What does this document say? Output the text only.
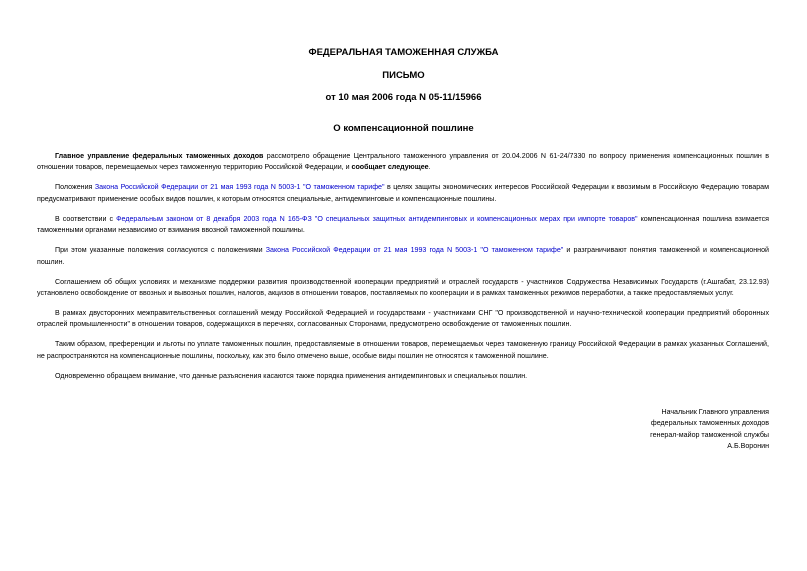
ФЕДЕРАЛЬНАЯ ТАМОЖЕННАЯ СЛУЖБА
ПИСЬМО
от 10 мая 2006 года N 05-11/15966
О компенсационной пошлине

Главное управление федеральных таможенных доходов рассмотрело обращение Центрального таможенного управления от 20.04.2006 N 61-24/7330 по вопросу применения компенсационных пошлин в отношении товаров, перемещаемых через таможенную территорию Российской Федерации, и сообщает следующее.

Положения Закона Российской Федерации от 21 мая 1993 года N 5003-1 "О таможенном тарифе" в целях защиты экономических интересов Российской Федерации к ввозимым в Российскую Федерацию товарам предусматривают применение особых видов пошлин, к которым относятся специальные, антидемпинговые и компенсационные пошлины.

В соответствии с Федеральным законом от 8 декабря 2003 года N 165-ФЗ "О специальных защитных антидемпинговых и компенсационных мерах при импорте товаров" компенсационная пошлина взимается таможенными органами независимо от взимания ввозной таможенной пошлины.

При этом указанные положения согласуются с положениями Закона Российской Федерации от 21 мая 1993 года N 5003-1 "О таможенном тарифе" и разграничивают понятия таможенной и компенсационной пошлин.

Соглашением об общих условиях и механизме поддержки развития производственной кооперации предприятий и отраслей государств - участников Содружества Независимых Государств (г.Ашгабат, 23.12.93) установлено освобождение от ввозных и вывозных пошлин, налогов, акцизов в отношении товаров, поставляемых по кооперации и в рамках таможенных режимов переработки, а также предоставляемых услуг.

В рамках двусторонних межправительственных соглашений между Российской Федерацией и государствами - участниками СНГ "О производственной и научно-технической кооперации предприятий оборонных отраслей промышленности" в отношении товаров, содержащихся в перечнях, согласованных Сторонами, предусмотрено освобождение от таможенных пошлин.

Таким образом, преференции и льготы по уплате таможенных пошлин, предоставляемые в отношении товаров, перемещаемых через таможенную границу Российской Федерации в рамках указанных Соглашений, не распространяются на компенсационные пошлины, поскольку, как это было отмечено выше, особые виды пошлин не относятся к таможенной пошлине.

Одновременно обращаем внимание, что данные разъяснения касаются также порядка применения антидемпинговых и специальных пошлин.

Начальник Главного управления
федеральных таможенных доходов
генерал-майор таможенной службы
А.Б.Воронин
